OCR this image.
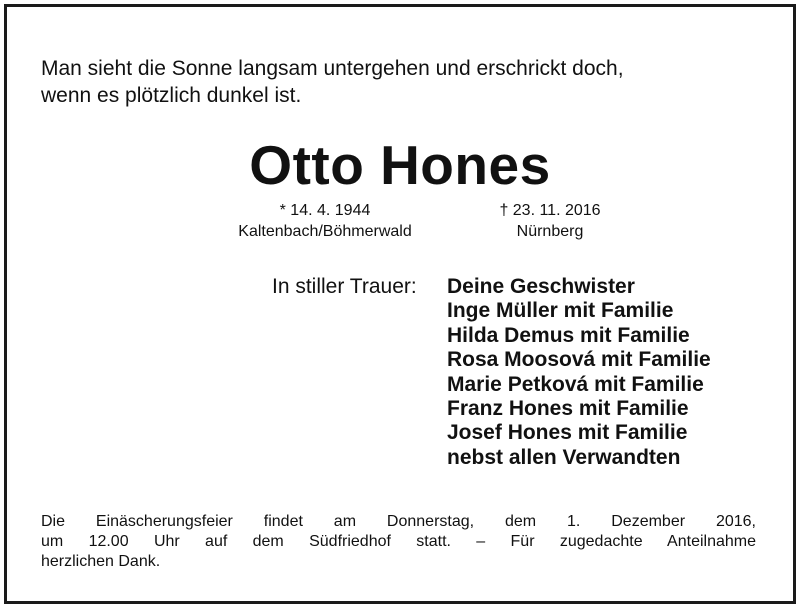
Man sieht die Sonne langsam untergehen und erschrickt doch,
wenn es plötzlich dunkel ist.
Otto Hones
* 14. 4. 1944
Kaltenbach/Böhmerwald
† 23. 11. 2016
Nürnberg
In stiller Trauer: Deine Geschwister
Inge Müller mit Familie
Hilda Demus mit Familie
Rosa Moosová mit Familie
Marie Petková mit Familie
Franz Hones mit Familie
Josef Hones mit Familie
nebst allen Verwandten
Die Einäscherungsfeier findet am Donnerstag, dem 1. Dezember 2016,
um 12.00 Uhr auf dem Südfriedhof statt. – Für zugedachte Anteilnahme
herzlichen Dank.
